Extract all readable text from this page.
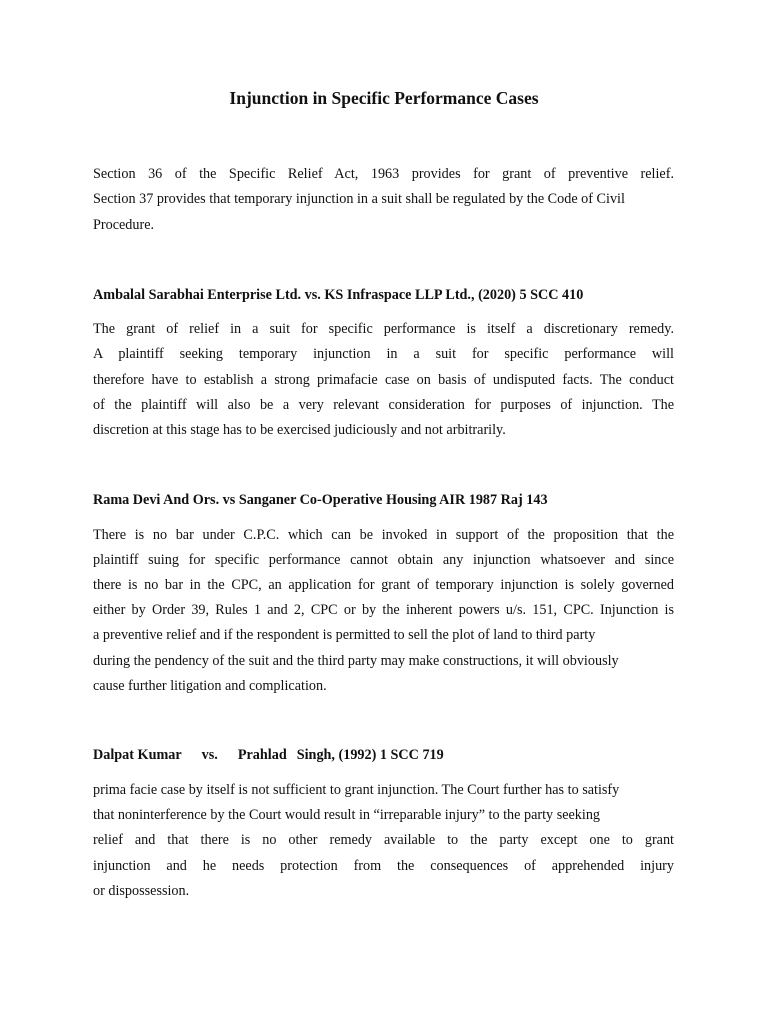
Injunction in Specific Performance Cases

Section 36 of the Specific Relief Act, 1963 provides for grant of preventive relief.

Section 37 provides that temporary injunction in a suit shall be regulated by the Code of Civil

Procedure.

Ambalal Sarabhai Enterprise Ltd. vs. KS Infraspace LLP Ltd., (2020) 5 SCC 410

The grant of relief in a suit for specific performance is itself a discretionary remedy.

A plaintiff seeking temporary injunction in a suit for specific performance will

therefore have to establish a strong primafacie case on basis of undisputed facts. The conduct

of the plaintiff will also be a very relevant consideration for purposes of injunction. The

discretion at this stage has to be exercised judiciously and not arbitrarily.

Rama Devi And Ors. vs Sanganer Co-Operative Housing AIR 1987 Raj 143

There is no bar under C.P.C. which can be invoked in support of the proposition that the

plaintiff suing for specific performance cannot obtain any injunction whatsoever and since

there is no bar in the CPC, an application for grant of temporary injunction is solely governed

either by Order 39, Rules 1 and 2, CPC or by the inherent powers u/s. 151, CPC. Injunction is

a preventive relief and if the respondent is permitted to sell the plot of land to third party

during the pendency of the suit and the third party may make constructions, it will obviously

cause further litigation and complication.

Dalpat Kumar vs. Prahlad Singh, (1992) 1 SCC 719

prima facie case by itself is not sufficient to grant injunction. The Court further has to satisfy

that noninterference by the Court would result in “irreparable injury” to the party seeking

relief and that there is no other remedy available to the party except one to grant

injunction and he needs protection from the consequences of apprehended injury

or dispossession.
